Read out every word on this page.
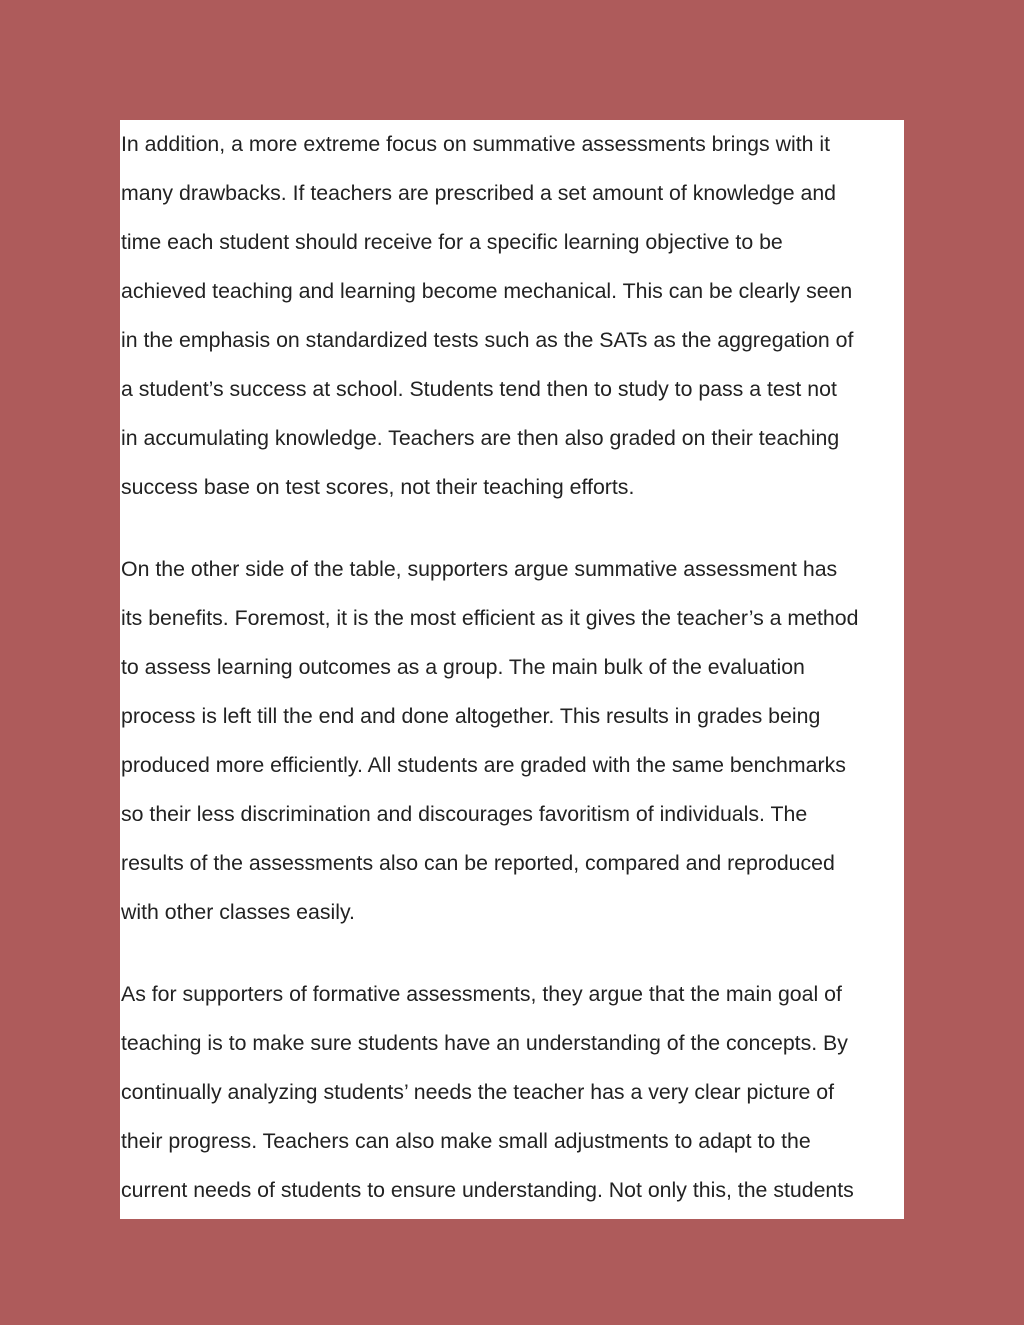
In addition, a more extreme focus on summative assessments brings with it

many drawbacks. If teachers are prescribed a set amount of knowledge and

time each student should receive for a specific learning objective to be

achieved teaching and learning become mechanical. This can be clearly seen

in the emphasis on standardized tests such as the SATs as the aggregation of

a student’s success at school. Students tend then to study to pass a test not

in accumulating knowledge. Teachers are then also graded on their teaching

success base on test scores, not their teaching efforts.

On the other side of the table, supporters argue summative assessment has

its benefits. Foremost, it is the most efficient as it gives the teacher’s a method

to assess learning outcomes as a group. The main bulk of the evaluation

process is left till the end and done altogether. This results in grades being

produced more efficiently. All students are graded with the same benchmarks

so their less discrimination and discourages favoritism of individuals. The

results of the assessments also can be reported, compared and reproduced

with other classes easily.

As for supporters of formative assessments, they argue that the main goal of

teaching is to make sure students have an understanding of the concepts. By

continually analyzing students’ needs the teacher has a very clear picture of

their progress. Teachers can also make small adjustments to adapt to the

current needs of students to ensure understanding. Not only this, the students
